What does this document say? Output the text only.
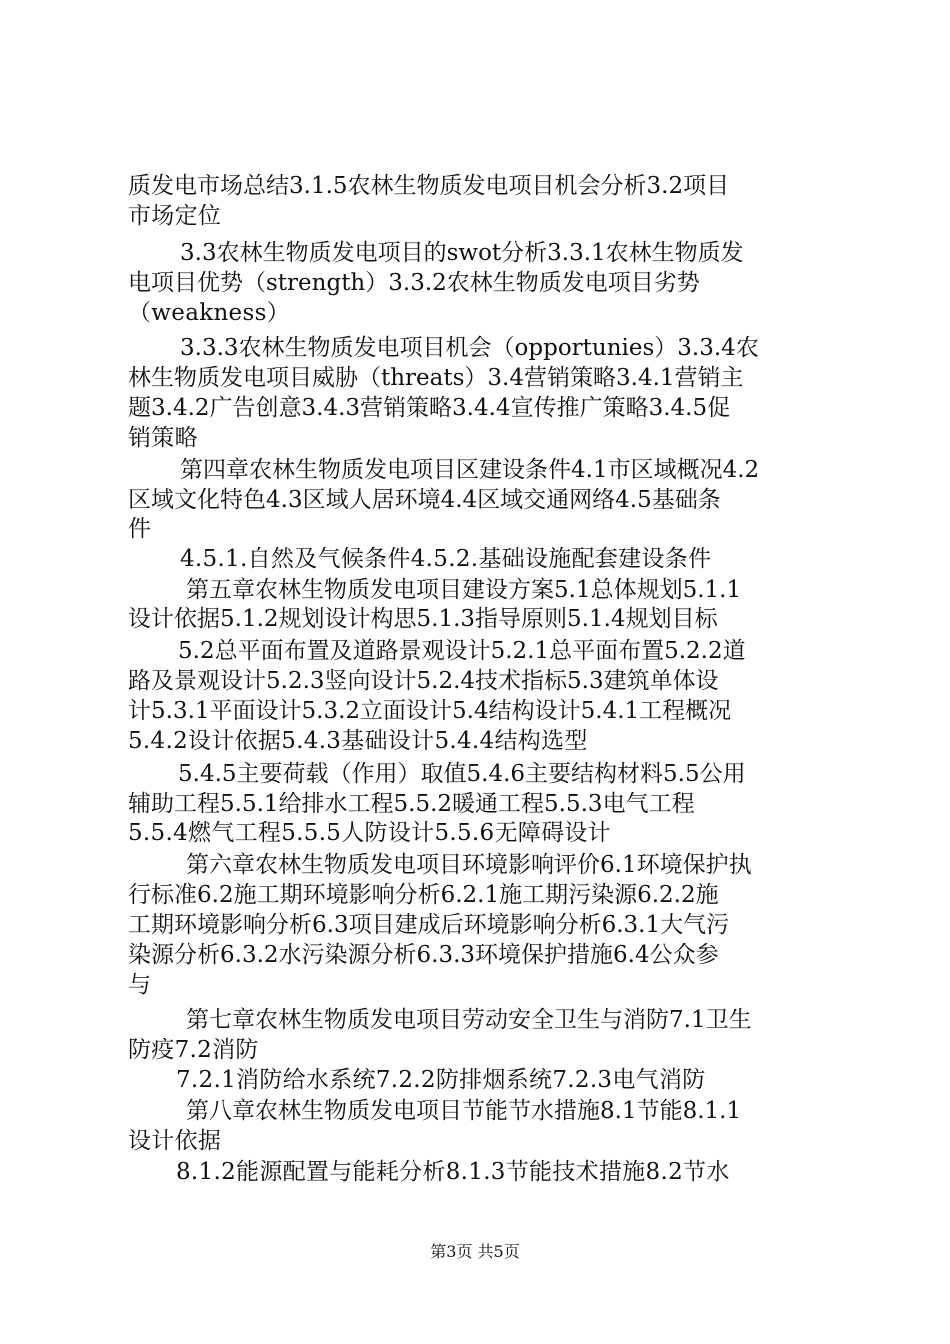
质发电市场总结3.1.5农林生物质发电项目机会分析3.2项目
市场定位
3.3农林生物质发电项目的swot分析3.3.1农林生物质发
电项目优势（strength）3.3.2农林生物质发电项目劣势
（weakness）
3.3.3农林生物质发电项目机会（opportunies）3.3.4农
林生物质发电项目威胁（threats）3.4营销策略3.4.1营销主
题3.4.2广告创意3.4.3营销策略3.4.4宣传推广策略3.4.5促
销策略
第四章农林生物质发电项目区建设条件4.1市区域概况4.2
区域文化特色4.3区域人居环境4.4区域交通网络4.5基础条
件
4.5.1.自然及气候条件4.5.2.基础设施配套建设条件
第五章农林生物质发电项目建设方案5.1总体规划5.1.1
设计依据5.1.2规划设计构思5.1.3指导原则5.1.4规划目标
5.2总平面布置及道路景观设计5.2.1总平面布置5.2.2道
路及景观设计5.2.3竖向设计5.2.4技术指标5.3建筑单体设
计5.3.1平面设计5.3.2立面设计5.4结构设计5.4.1工程概况
5.4.2设计依据5.4.3基础设计5.4.4结构选型
5.4.5主要荷载（作用）取值5.4.6主要结构材料5.5公用
辅助工程5.5.1给排水工程5.5.2暖通工程5.5.3电气工程
5.5.4燃气工程5.5.5人防设计5.5.6无障碍设计
第六章农林生物质发电项目环境影响评价6.1环境保护执
行标准6.2施工期环境影响分析6.2.1施工期污染源6.2.2施
工期环境影响分析6.3项目建成后环境影响分析6.3.1大气污
染源分析6.3.2水污染源分析6.3.3环境保护措施6.4公众参
与
第七章农林生物质发电项目劳动安全卫生与消防7.1卫生
防疫7.2消防
7.2.1消防给水系统7.2.2防排烟系统7.2.3电气消防
第八章农林生物质发电项目节能节水措施8.1节能8.1.1
设计依据
8.1.2能源配置与能耗分析8.1.3节能技术措施8.2节水
第3页 共5页
